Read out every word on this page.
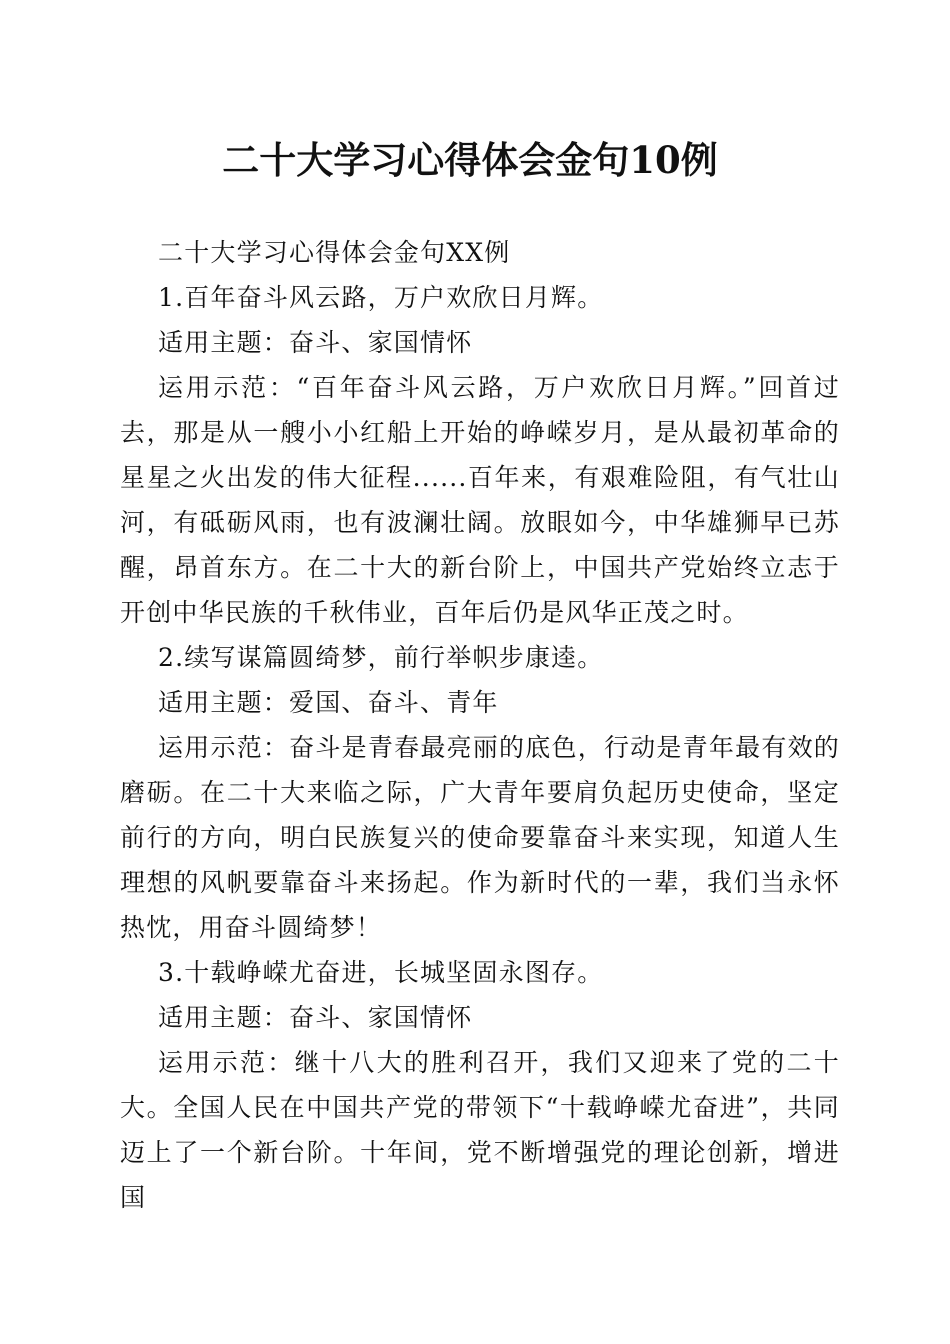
二十大学习心得体会金句10例

二十大学习心得体会金句XX例

1.百年奋斗风云路，万户欢欣日月辉。

适用主题：奋斗、家国情怀

运用示范：“百年奋斗风云路，万户欢欣日月辉。”回首过去，那是从一艘小小红船上开始的峥嵘岁月，是从最初革命的星星之火出发的伟大征程......百年来，有艰难险阻，有气壮山河，有砥砺风雨，也有波澜壮阔。放眼如今，中华雄狮早已苏醒，昂首东方。在二十大的新台阶上，中国共产党始终立志于开创中华民族的千秋伟业，百年后仍是风华正茂之时。

2.续写谋篇圆绮梦，前行举帜步康逵。

适用主题：爱国、奋斗、青年

运用示范：奋斗是青春最亮丽的底色，行动是青年最有效的磨砺。在二十大来临之际，广大青年要肩负起历史使命，坚定前行的方向，明白民族复兴的使命要靠奋斗来实现，知道人生理想的风帆要靠奋斗来扬起。作为新时代的一辈，我们当永怀热忱，用奋斗圆绮梦！

3.十载峥嵘尤奋进，长城坚固永图存。

适用主题：奋斗、家国情怀

运用示范：继十八大的胜利召开，我们又迎来了党的二十大。全国人民在中国共产党的带领下“十载峥嵘尤奋进”，共同迈上了一个新台阶。十年间，党不断增强党的理论创新，增进国
